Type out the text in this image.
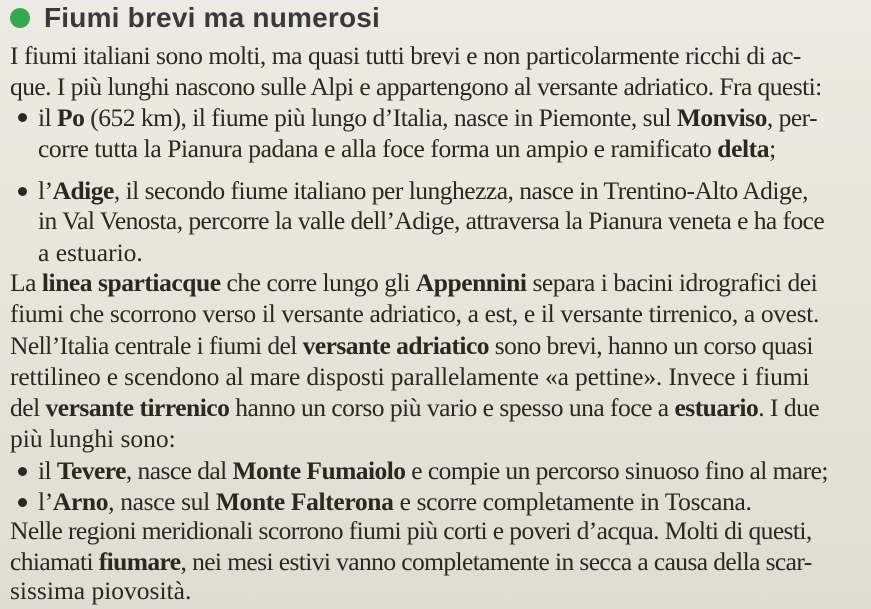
Fiumi brevi ma numerosi
I fiumi italiani sono molti, ma quasi tutti brevi e non particolarmente ricchi di ac-
que. I più lunghi nascono sulle Alpi e appartengono al versante adriatico. Fra questi:
il Po (652 km), il fiume più lungo d’Italia, nasce in Piemonte, sul Monviso, per-
corre tutta la Pianura padana e alla foce forma un ampio e ramificato delta;
l’Adige, il secondo fiume italiano per lunghezza, nasce in Trentino-Alto Adige,
in Val Venosta, percorre la valle dell’Adige, attraversa la Pianura veneta e ha foce
a estuario.
La linea spartiacque che corre lungo gli Appennini separa i bacini idrografici dei
fiumi che scorrono verso il versante adriatico, a est, e il versante tirrenico, a ovest.
Nell’Italia centrale i fiumi del versante adriatico sono brevi, hanno un corso quasi
rettilineo e scendono al mare disposti parallelamente «a pettine». Invece i fiumi
del versante tirrenico hanno un corso più vario e spesso una foce a estuario. I due
più lunghi sono:
il Tevere, nasce dal Monte Fumaiolo e compie un percorso sinuoso fino al mare;
l’Arno, nasce sul Monte Falterona e scorre completamente in Toscana.
Nelle regioni meridionali scorrono fiumi più corti e poveri d’acqua. Molti di questi,
chiamati fiumare, nei mesi estivi vanno completamente in secca a causa della scar-
sissima piovosità.
